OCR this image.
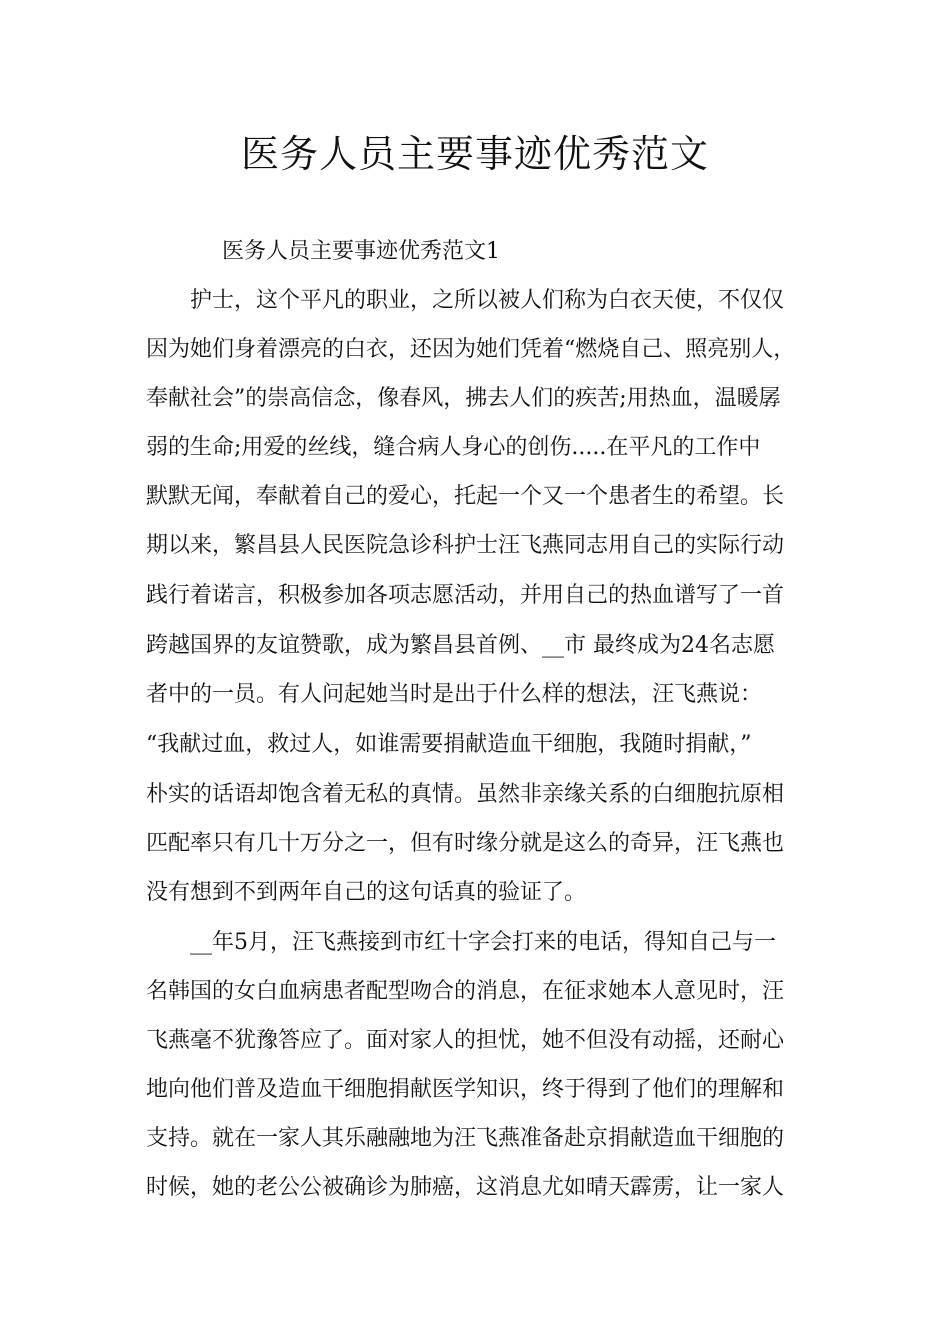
医务人员主要事迹优秀范文

医务人员主要事迹优秀范文1

护士，这个平凡的职业，之所以被人们称为白衣天使，不仅仅

因为她们身着漂亮的白衣，还因为她们凭着“燃烧自己、照亮别人，

奉献社会”的崇高信念，像春风，拂去人们的疾苦;用热血，温暖孱

弱的生命;用爱的丝线，缝合病人身心的创伤.....在平凡的工作中

默默无闻，奉献着自己的爱心，托起一个又一个患者生的希望。长

期以来，繁昌县人民医院急诊科护士汪飞燕同志用自己的实际行动

践行着诺言，积极参加各项志愿活动，并用自己的热血谱写了一首

跨越国界的友谊赞歌，成为繁昌县首例、__市 最终成为24名志愿

者中的一员。有人问起她当时是出于什么样的想法，汪飞燕说：

“我献过血，救过人，如谁需要捐献造血干细胞，我随时捐献，”

朴实的话语却饱含着无私的真情。虽然非亲缘关系的白细胞抗原相

匹配率只有几十万分之一，但有时缘分就是这么的奇异，汪飞燕也

没有想到不到两年自己的这句话真的验证了。

__年5月，汪飞燕接到市红十字会打来的电话，得知自己与一

名韩国的女白血病患者配型吻合的消息，在征求她本人意见时，汪

飞燕毫不犹豫答应了。面对家人的担忧，她不但没有动摇，还耐心

地向他们普及造血干细胞捐献医学知识，终于得到了他们的理解和

支持。就在一家人其乐融融地为汪飞燕准备赴京捐献造血干细胞的

时候，她的老公公被确诊为肺癌，这消息尤如晴天霹雳，让一家人
